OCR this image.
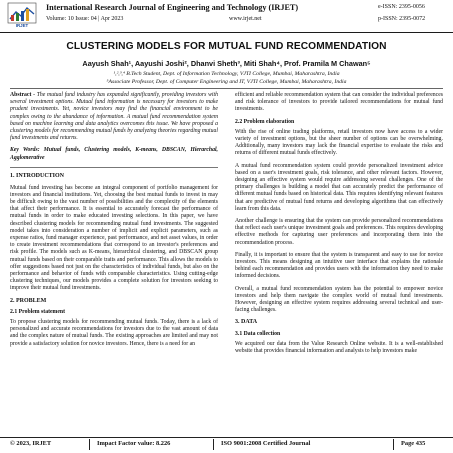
IRJET
International Research Journal of Engineering and Technology (IRJET)
Volume: 10 Issue: 04 | Apr 2023	www.irjet.net
e-ISSN: 2395-0056
p-ISSN: 2395-0072
CLUSTERING MODELS FOR MUTUAL FUND RECOMMENDATION
Aayush Shah¹, Aayushi Joshi², Dhanvi Sheth³, Miti Shah⁴, Prof. Pramila M Chawan⁵
¹,²,³,⁴ B.Tech Student, Dept. of Information Technology, VJTI College, Mumbai, Maharashtra, India
⁵Associate Professor, Dept. of Computer Engineering and IT, VJTI College, Mumbai, Maharashtra, India

Abstract - The mutual fund industry has expanded significantly, providing investors with several investment options. Mutual fund information is necessary for investors to make prudent investments. Yet, novice investors may find the financial environment to be complex owing to the abundance of information. A mutual fund recommendation system based on machine learning and data analytics overcomes this issue. We have proposed a clustering models for recommending mutual funds by analyzing theories regarding mutual fund investments and returns.

Key Words: Mutual funds, Clustering models, K-means, DBSCAN, Hierarchal, Agglomerative

1. INTRODUCTION

Mutual fund investing has become an integral component of portfolio management for investors and financial institutions. Yet, choosing the best mutual funds to invest in may be difficult owing to the vast number of possibilities and the complexity of the elements that affect their performance. It is essential to accurately forecast the performance of mutual funds in order to make educated investing selections. In this paper, we have described clustering models for recommending mutual fund investments. The suggested model takes into consideration a number of implicit and explicit parameters, such as expense ratios, fund manager experience, past performance, and net asset values, in order to create investment recommendations that correspond to an investor's preferences and risk profile. The models such as K-means, hierarchical clustering, and DBSCAN group mutual funds based on their comparable traits and performance. This allows the models to offer suggestions based not just on the characteristics of individual funds, but also on the performance and behavior of funds with comparable characteristics. Using cutting-edge clustering techniques, our models provides a complete solution for investors seeking to improve their mutual fund investments.

2. PROBLEM

2.1 Problem statement

To propose clustering models for recommending mutual funds. Today, there is a lack of personalized and accurate recommendations for investors due to the vast amount of data and the complex nature of mutual funds. The existing approaches are limited and may not provide a satisfactory solution for novice investors. Hence, there is a need for an

efficient and reliable recommendation system that can consider the individual preferences and risk tolerance of investors to provide tailored recommendations for mutual fund investments.

2.2 Problem elaboration

With the rise of online trading platforms, retail investors now have access to a wider variety of investment options, but the sheer number of options can be overwhelming. Additionally, many investors may lack the financial expertise to evaluate the risks and returns of different mutual funds effectively.

A mutual fund recommendation system could provide personalized investment advice based on a user's investment goals, risk tolerance, and other relevant factors. However, designing an effective system would require addressing several challenges. One of the primary challenges is building a model that can accurately predict the performance of different mutual funds based on historical data. This requires identifying relevant features that are predictive of mutual fund returns and developing algorithms that can effectively learn from this data.

Another challenge is ensuring that the system can provide personalized recommendations that reflect each user's unique investment goals and preferences. This requires developing effective methods for capturing user preferences and incorporating them into the recommendation process.

Finally, it is important to ensure that the system is transparent and easy to use for novice investors. This means designing an intuitive user interface that explains the rationale behind each recommendation and provides users with the information they need to make informed decisions.

Overall, a mutual fund recommendation system has the potential to empower novice investors and help them navigate the complex world of mutual fund investments. However, designing an effective system requires addressing several technical and user-facing challenges.

3. DATA

3.1 Data collection

We acquired our data from the Value Research Online website. It is a well-established website that provides financial information and analysis to help investors make

© 2023, IRJET	Impact Factor value: 8.226	ISO 9001:2008 Certified Journal	Page 435
